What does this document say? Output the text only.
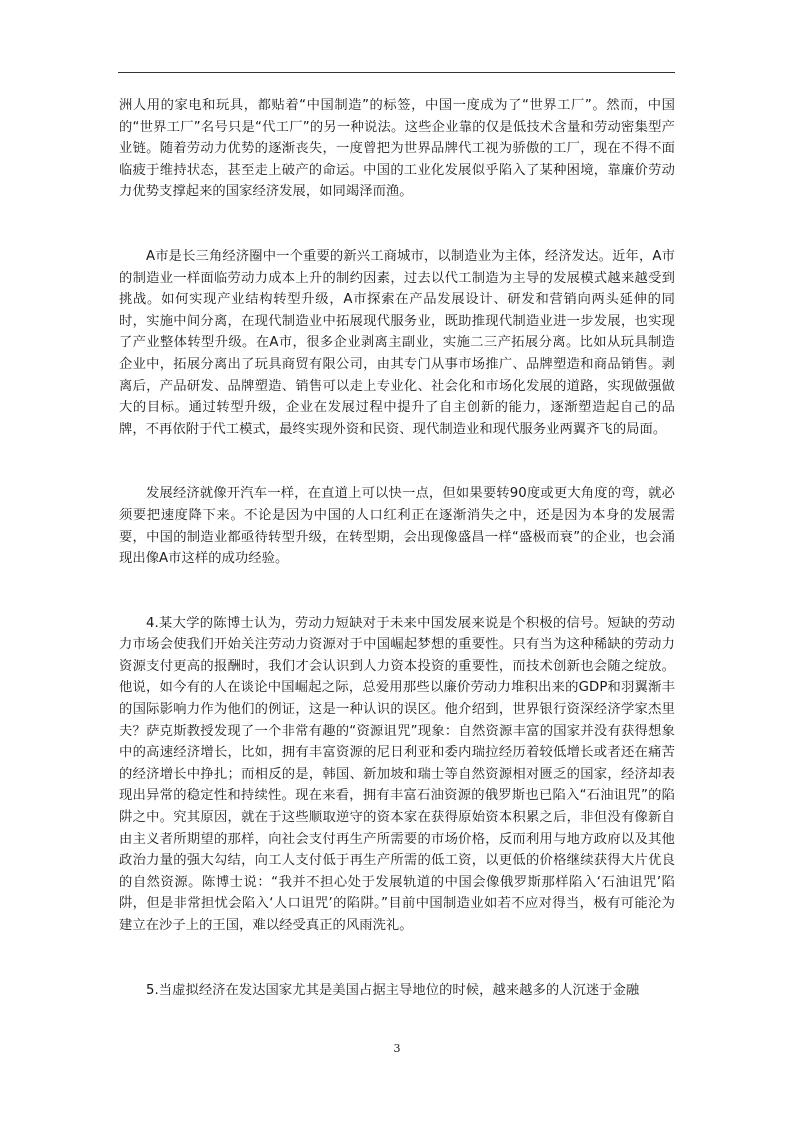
洲人用的家电和玩具，都贴着“中国制造”的标签，中国一度成为了“世界工厂”。然而，中国的“世界工厂”名号只是“代工厂”的另一种说法。这些企业靠的仅是低技术含量和劳动密集型产业链。随着劳动力优势的逐渐丧失，一度曾把为世界品牌代工视为骄傲的工厂，现在不得不面临疲于维持状态，甚至走上破产的命运。中国的工业化发展似乎陷入了某种困境，靠廉价劳动力优势支撑起来的国家经济发展，如同竭泽而渔。

A市是长三角经济圈中一个重要的新兴工商城市，以制造业为主体，经济发达。近年，A市的制造业一样面临劳动力成本上升的制约因素，过去以代工制造为主导的发展模式越来越受到挑战。如何实现产业结构转型升级，A市探索在产品发展设计、研发和营销向两头延伸的同时，实施中间分离，在现代制造业中拓展现代服务业，既助推现代制造业进一步发展，也实现了产业整体转型升级。在A市，很多企业剥离主副业，实施二三产拓展分离。比如从玩具制造企业中，拓展分离出了玩具商贸有限公司，由其专门从事市场推广、品牌塑造和商品销售。剥离后，产品研发、品牌塑造、销售可以走上专业化、社会化和市场化发展的道路，实现做强做大的目标。通过转型升级，企业在发展过程中提升了自主创新的能力，逐渐塑造起自己的品牌，不再依附于代工模式，最终实现外资和民资、现代制造业和现代服务业两翼齐飞的局面。

发展经济就像开汽车一样，在直道上可以快一点，但如果要转90度或更大角度的弯，就必须要把速度降下来。不论是因为中国的人口红利正在逐渐消失之中，还是因为本身的发展需要，中国的制造业都亟待转型升级，在转型期，会出现像盛昌一样“盛极而衰”的企业，也会涌现出像A市这样的成功经验。

4.某大学的陈博士认为，劳动力短缺对于未来中国发展来说是个积极的信号。短缺的劳动力市场会使我们开始关注劳动力资源对于中国崛起梦想的重要性。只有当为这种稀缺的劳动力资源支付更高的报酬时，我们才会认识到人力资本投资的重要性，而技术创新也会随之绽放。他说，如今有的人在谈论中国崛起之际，总爱用那些以廉价劳动力堆积出来的GDP和羽翼渐丰的国际影响力作为他们的例证，这是一种认识的误区。他介绍到，世界银行资深经济学家杰里夫？萨克斯教授发现了一个非常有趣的“资源诅咒”现象：自然资源丰富的国家并没有获得想象中的高速经济增长，比如，拥有丰富资源的尼日利亚和委内瑞拉经历着较低增长或者还在痛苦的经济增长中挣扎；而相反的是，韩国、新加坡和瑞士等自然资源相对匮乏的国家，经济却表现出异常的稳定性和持续性。现在来看，拥有丰富石油资源的俄罗斯也已陷入“石油诅咒”的陷阱之中。究其原因，就在于这些顺取逆守的资本家在获得原始资本积累之后，非但没有像新自由主义者所期望的那样，向社会支付再生产所需要的市场价格，反而利用与地方政府以及其他政治力量的强大勾结，向工人支付低于再生产所需的低工资，以更低的价格继续获得大片优良的自然资源。陈博士说：“我并不担心处于发展轨道的中国会像俄罗斯那样陷入‘石油诅咒’陷阱，但是非常担忧会陷入‘人口诅咒’的陷阱。”目前中国制造业如若不应对得当，极有可能沦为建立在沙子上的王国，难以经受真正的风雨洗礼。

5.当虚拟经济在发达国家尤其是美国占据主导地位的时候，越来越多的人沉迷于金融

3
